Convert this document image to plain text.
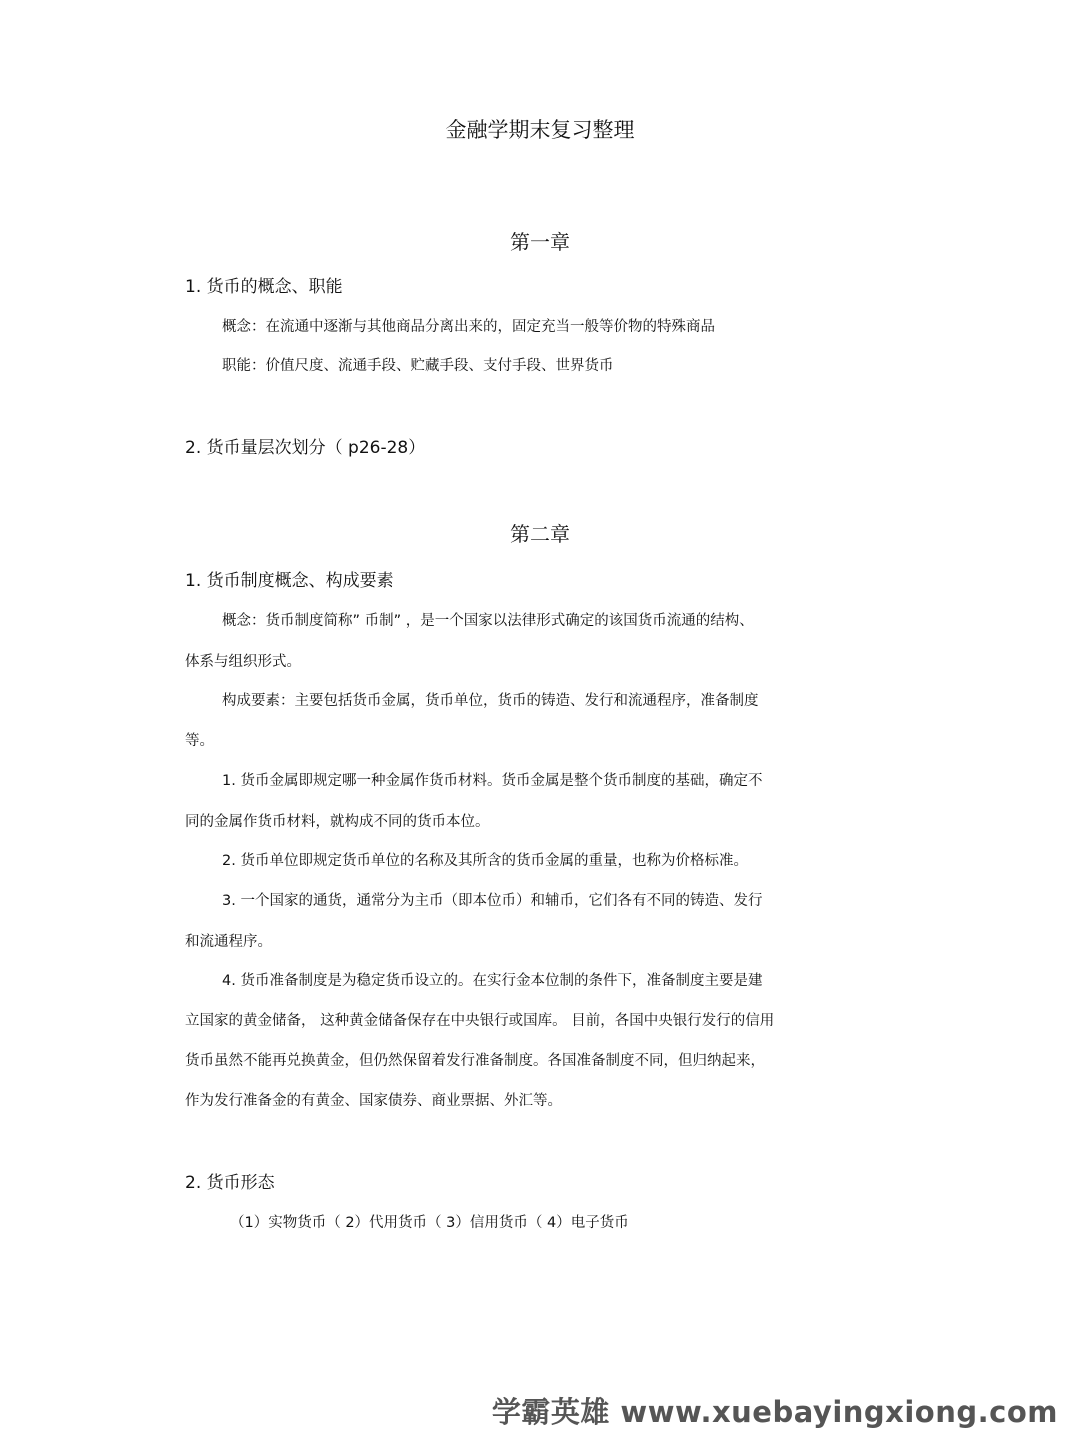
金融学期末复习整理
第一章
1. 货币的概念、职能
概念：在流通中逐渐与其他商品分离出来的，固定充当一般等价物的特殊商品
职能：价值尺度、流通手段、贮藏手段、支付手段、世界货币
2. 货币量层次划分（ p26-28）
第二章
1. 货币制度概念、构成要素
概念：货币制度简称” 币制” ，是一个国家以法律形式确定的该国货币流通的结构、
体系与组织形式。
构成要素：主要包括货币金属，货币单位，货币的铸造、发行和流通程序，准备制度
等。
1. 货币金属即规定哪一种金属作货币材料。货币金属是整个货币制度的基础，确定不
同的金属作货币材料，就构成不同的货币本位。
2. 货币单位即规定货币单位的名称及其所含的货币金属的重量，也称为价格标准。
3. 一个国家的通货，通常分为主币（即本位币）和辅币，它们各有不同的铸造、发行
和流通程序。
4. 货币准备制度是为稳定货币设立的。在实行金本位制的条件下，准备制度主要是建
立国家的黄金储备， 这种黄金储备保存在中央银行或国库。 目前，各国中央银行发行的信用
货币虽然不能再兑换黄金，但仍然保留着发行准备制度。各国准备制度不同，但归纳起来，
作为发行准备金的有黄金、国家债券、商业票据、外汇等。
2. 货币形态
（1）实物货币（ 2）代用货币（ 3）信用货币（ 4）电子货币
学霸英雄 www.xuebayingxiong.com
